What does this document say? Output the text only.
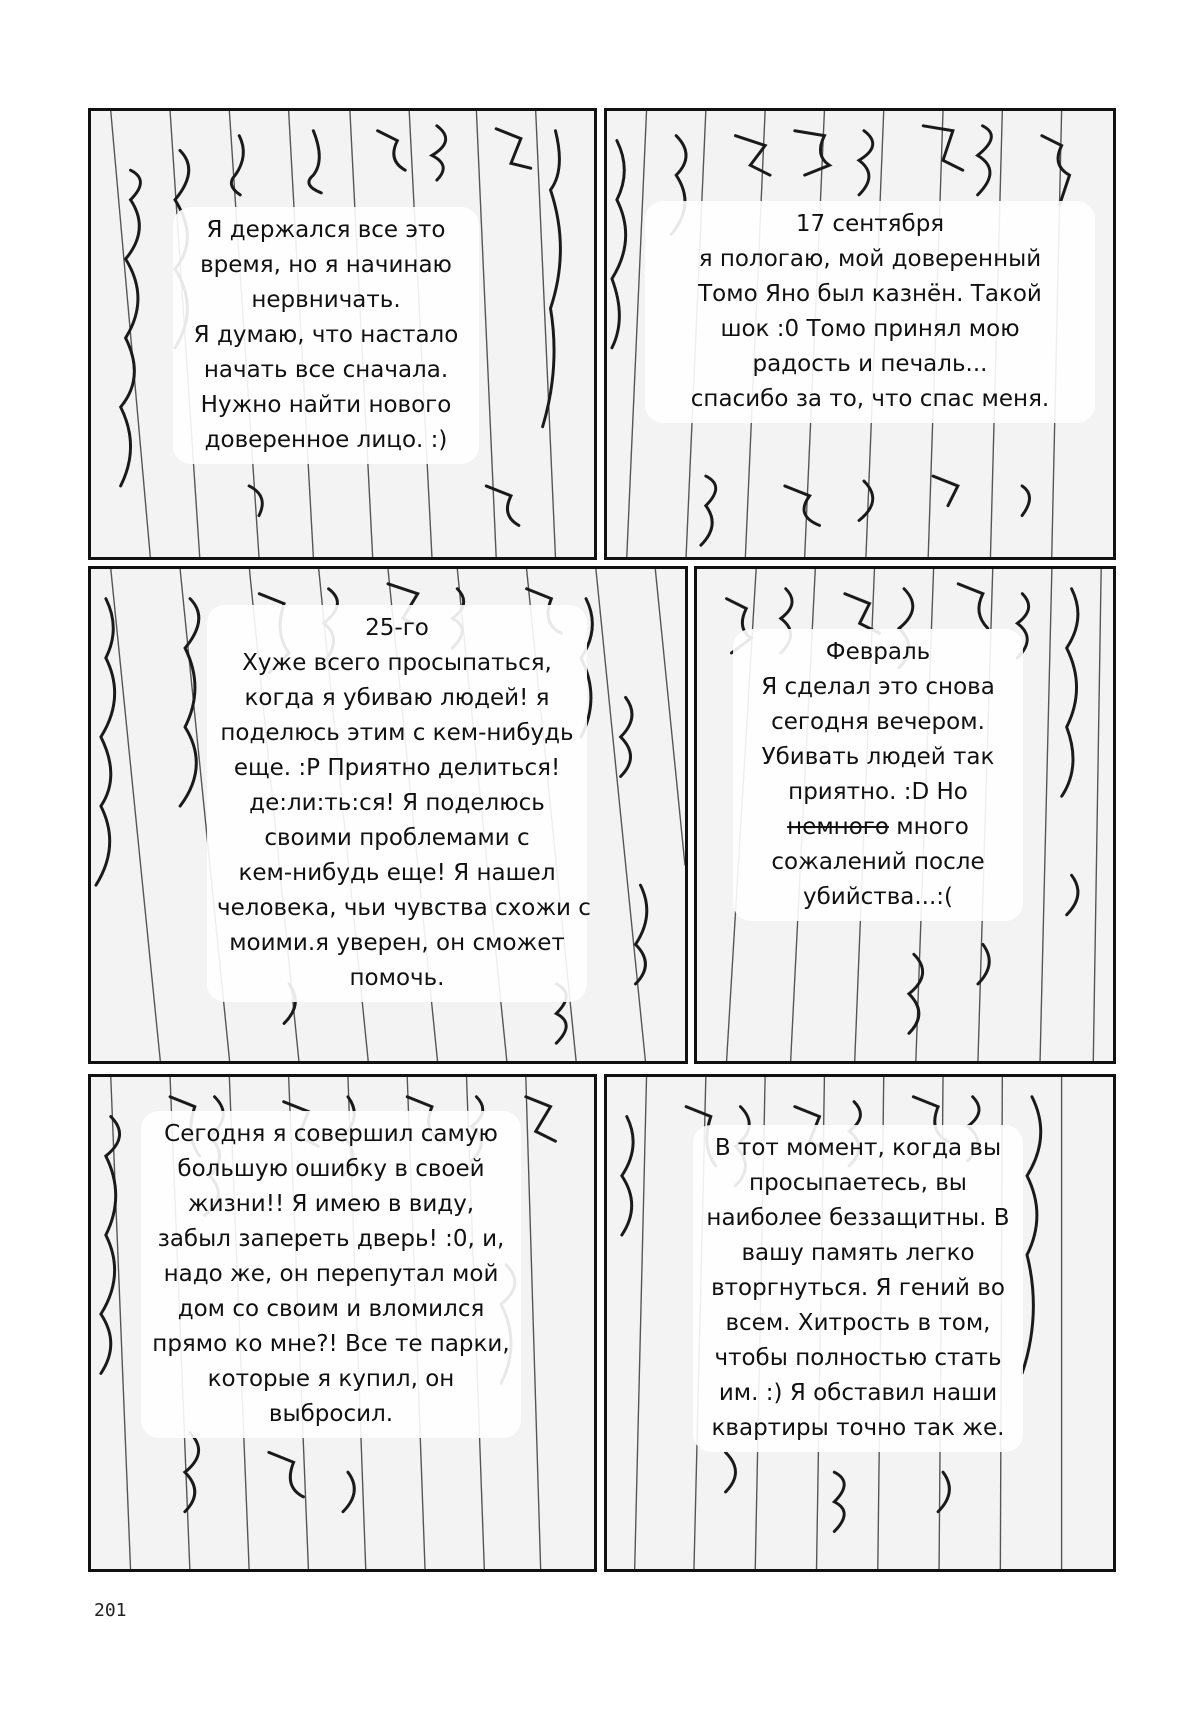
Я держался все это
время, но я начинаю
нервничать.
Я думаю, что настало
начать все сначала.
Нужно найти нового
доверенное лицо. :)
17 сентября
я пологаю, мой доверенный
Томо Яно был казнён. Такой
шок :0 Томо принял мою
радость и печаль...
спасибо за то, что спас меня.
25-го
Хуже всего просыпаться,
когда я убиваю людей! я
поделюсь этим с кем-нибудь
еще. :P Приятно делиться!
де:ли:ть:ся! Я поделюсь
своими проблемами с
кем-нибудь еще! Я нашел
человека, чьи чувства схожи с
моими.я уверен, он сможет
помочь.
Февраль
Я сделал это снова
сегодня вечером.
Убивать людей так
приятно. :D Но
немного много
сожалений после
убийства...:(
Сегодня я совершил самую
большую ошибку в своей
жизни!! Я имею в виду,
забыл запереть дверь! :0, и,
надо же, он перепутал мой
дом со своим и вломился
прямо ко мне?! Все те парки,
которые я купил, он
выбросил.
В тот момент, когда вы
просыпаетесь, вы
наиболее беззащитны. В
вашу память легко
вторгнуться. Я гений во
всем. Хитрость в том,
чтобы полностью стать
им. :) Я обставил наши
квартиры точно так же.
201
